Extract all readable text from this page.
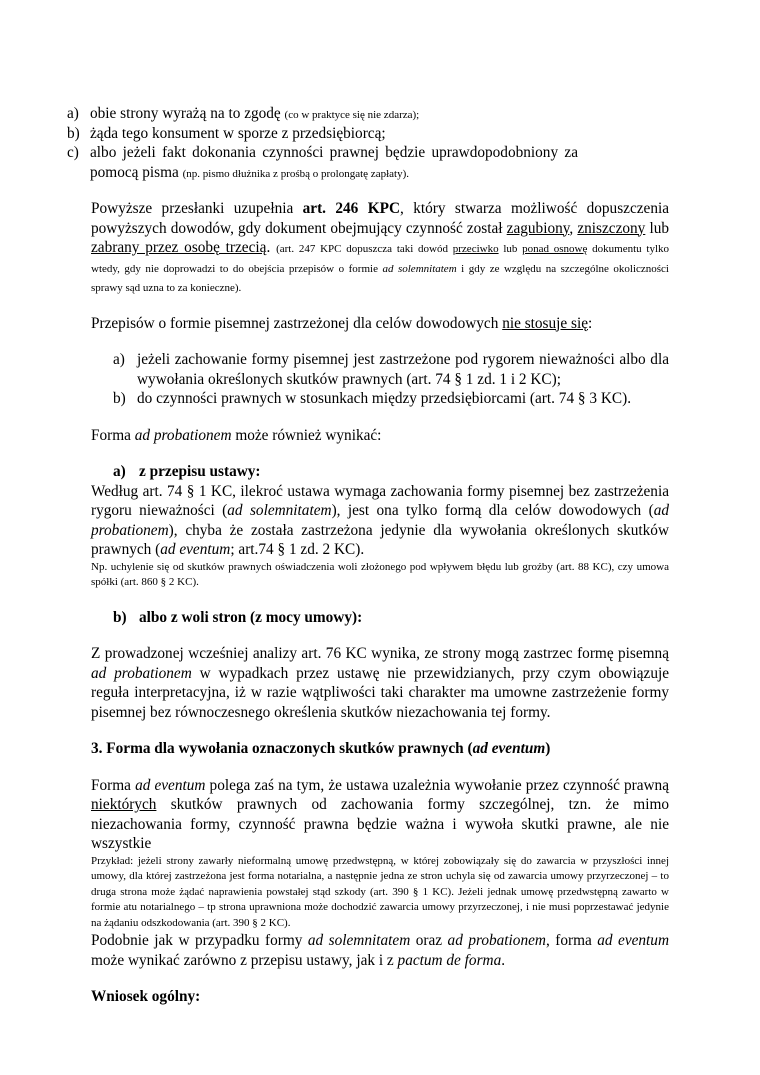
a) obie strony wyrażą na to zgodę (co w praktyce się nie zdarza);
b) żąda tego konsument w sporze z przedsiębiorcą;
c) albo jeżeli fakt dokonania czynności prawnej będzie uprawdopodobniony za pomocą pisma (np. pismo dłużnika z prośbą o prolongatę zapłaty).

Powyższe przesłanki uzupełnia art. 246 KPC, który stwarza możliwość dopuszczenia powyższych dowodów, gdy dokument obejmujący czynność został zagubiony, zniszczony lub zabrany przez osobę trzecią. (art. 247 KPC dopuszcza taki dowód przeciwko lub ponad osnowę dokumentu tylko wtedy, gdy nie doprowadzi to do obejścia przepisów o formie ad solemnitatem i gdy ze względu na szczególne okoliczności sprawy sąd uzna to za konieczne).

Przepisów o formie pisemnej zastrzeżonej dla celów dowodowych nie stosuje się:

a) jeżeli zachowanie formy pisemnej jest zastrzeżone pod rygorem nieważności albo dla wywołania określonych skutków prawnych (art. 74 § 1 zd. 1 i 2 KC);
b) do czynności prawnych w stosunkach między przedsiębiorcami (art. 74 § 3 KC).

Forma ad probationem może również wynikać:

a) z przepisu ustawy:

Według art. 74 § 1 KC, ilekroć ustawa wymaga zachowania formy pisemnej bez zastrzeżenia rygoru nieważności (ad solemnitatem), jest ona tylko formą dla celów dowodowych (ad probationem), chyba że została zastrzeżona jedynie dla wywołania określonych skutków prawnych (ad eventum; art.74 § 1 zd. 2 KC).

Np. uchylenie się od skutków prawnych oświadczenia woli złożonego pod wpływem błędu lub groźby (art. 88 KC), czy umowa spółki (art. 860 § 2 KC).

b) albo z woli stron (z mocy umowy):

Z prowadzonej wcześniej analizy art. 76 KC wynika, ze strony mogą zastrzec formę pisemną ad probationem w wypadkach przez ustawę nie przewidzianych, przy czym obowiązuje reguła interpretacyjna, iż w razie wątpliwości taki charakter ma umowne zastrzeżenie formy pisemnej bez równoczesnego określenia skutków niezachowania tej formy.

3. Forma dla wywołania oznaczonych skutków prawnych (ad eventum)

Forma ad eventum polega zaś na tym, że ustawa uzależnia wywołanie przez czynność prawną niektórych skutków prawnych od zachowania formy szczególnej, tzn. że mimo niezachowania formy, czynność prawna będzie ważna i wywoła skutki prawne, ale nie wszystkie

Przykład: jeżeli strony zawarły nieformalną umowę przedwstępną, w której zobowiązały się do zawarcia w przyszłości innej umowy, dla której zastrzeżona jest forma notarialna, a następnie jedna ze stron uchyla się od zawarcia umowy przyrzeczonej – to druga strona może żądać naprawienia powstałej stąd szkody (art. 390 § 1 KC). Jeżeli jednak umowę przedwstępną zawarto w formie atu notarialnego – tp strona uprawniona może dochodzić zawarcia umowy przyrzeczonej, i nie musi poprzestawać jedynie na żądaniu odszkodowania (art. 390 § 2 KC).

Podobnie jak w przypadku formy ad solemnitatem oraz ad probationem, forma ad eventum może wynikać zarówno z przepisu ustawy, jak i z pactum de forma.

Wniosek ogólny:
